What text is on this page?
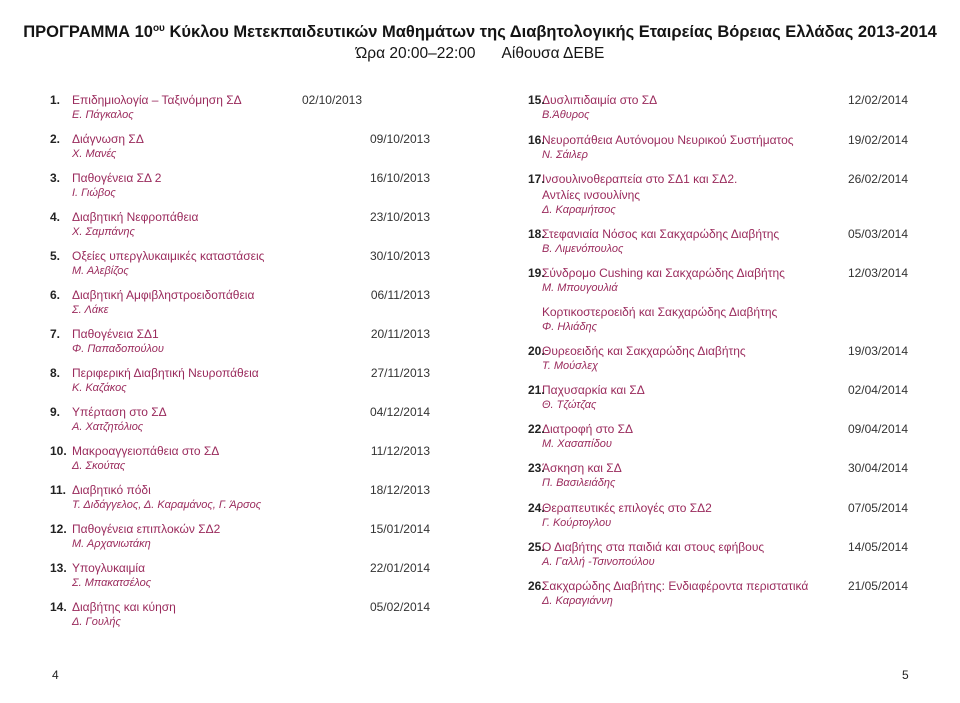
ΠΡΟΓΡΑΜΜΑ $10^{o\upsilon}$ Κύκλου Μετεκπαιδευτικών Μαθημάτων της Διαβητολογικής Εταιρείας Βόρειας Ελλάδας 2013-2014
Ώρα 20:00–22:00 Αίθουσα ΔΕΒΕ
1. Επιδημιολογία – Ταξινόμηση ΣΔ
Ε. Πάγκαλος
02/10/2013
2. Διάγνωση ΣΔ
Χ. Μανές
09/10/2013
3. Παθογένεια ΣΔ 2
Ι. Γιώβος
16/10/2013
4. Διαβητική Νεφροπάθεια
Χ. Σαμπάνης
23/10/2013
5. Οξείες υπεργλυκαιμικές καταστάσεις
Μ. Αλεβίζος
30/10/2013
6. Διαβητική Αμφιβληστροειδοπάθεια
Σ. Λάκε
06/11/2013
7. Παθογένεια ΣΔ1
Φ. Παπαδοπούλου
20/11/2013
8. Περιφερική Διαβητική Νευροπάθεια
Κ. Καζάκος
27/11/2013
9. Υπέρταση στο ΣΔ
Α. Χατζητόλιος
04/12/2014
10. Μακροαγγειοπάθεια στο ΣΔ
Δ. Σκούτας
11/12/2013
11. Διαβητικό πόδι
Τ. Διδάγγελος, Δ. Καραμάνος, Γ. Άρσος
18/12/2013
12. Παθογένεια επιπλοκών ΣΔ2
Μ. Αρχανιωτάκη
15/01/2014
13. Υπογλυκαιμία
Σ. Μπακατσέλος
22/01/2014
14. Διαβήτης και κύηση
Δ. Γουλής
05/02/2014
15.
Δυσλιπιδαιμία στο ΣΔ
Β.Άθυρος
12/02/2014
16.
Νευροπάθεια Αυτόνομου Νευρικού Συστήματος
Ν. Σάιλερ
19/02/2014
17.
Ινσουλινοθεραπεία στο ΣΔ1 και ΣΔ2.
Αντλίες ινσουλίνης
Δ. Καραμήτσος
26/02/2014
18.
Στεφανιαία Νόσος και Σακχαρώδης Διαβήτης
Β. Λιμενόπουλος
05/03/2014
19.
Σύνδρομο Cushing και Σακχαρώδης Διαβήτης
Μ. Μπουγουλιά
12/03/2014
Κορτικοστεροειδή και Σακχαρώδης Διαβήτης
Φ. Ηλιάδης
20.
Θυρεοειδής και Σακχαρώδης Διαβήτης
Τ. Μούσλεχ
19/03/2014
21.
Παχυσαρκία και ΣΔ
Θ. Τζώτζας
02/04/2014
22.
Διατροφή στο ΣΔ
Μ. Χασαπίδου
09/04/2014
23.
Άσκηση και ΣΔ
Π. Βασιλειάδης
30/04/2014
24.
Θεραπευτικές επιλογές στο ΣΔ2
Γ. Κούρτογλου
07/05/2014
25.
Ο Διαβήτης στα παιδιά και στους εφήβους
Α. Γαλλή -Τσινοπούλου
14/05/2014
26.
Σακχαρώδης Διαβήτης: Ενδιαφέροντα περιστατικά
Δ. Καραγιάννη
21/05/2014
4	5
